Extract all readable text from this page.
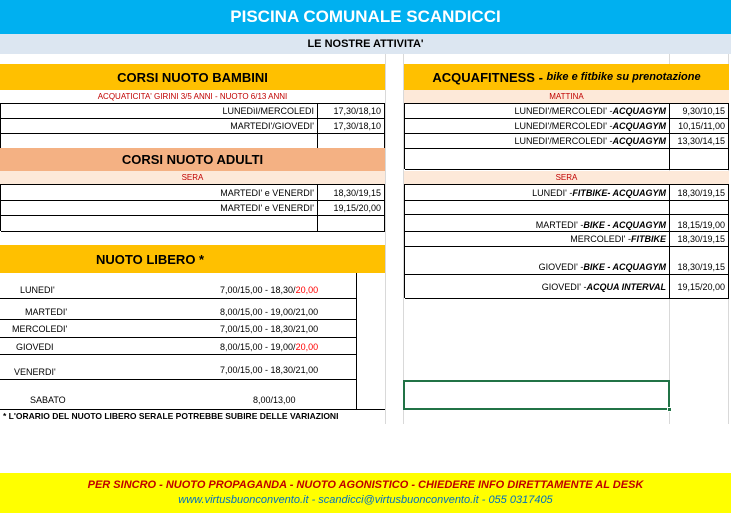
PISCINA COMUNALE SCANDICCI
LE NOSTRE ATTIVITA'
CORSI NUOTO BAMBINI
ACQUATICITA' GIRINI 3/5 ANNI - NUOTO 6/13 ANNI
LUNEDìI/MERCOLEDI	17,30/18,10
MARTEDI'/GIOVEDI'	17,30/18,10
CORSI NUOTO ADULTI
SERA
MARTEDI' e VENERDI'	18,30/19,15
MARTEDI' e VENERDI'	19,15/20,00
NUOTO LIBERO *
LUNEDI'	7,00/15,00 - 18,30/20,00
MARTEDI'	8,00/15,00 - 19,00/21,00
MERCOLEDI'	7,00/15,00 - 18,30/21,00
GIOVEDI	8,00/15,00 - 19,00/20,00
VENERDI'	7,00/15,00 - 18,30/21,00
SABATO	8,00/13,00
* L'ORARIO DEL NUOTO LIBERO SERALE POTREBBE SUBIRE DELLE VARIAZIONI
ACQUAFITNESS - bike e fitbike su prenotazione
MATTINA
LUNEDI'/MERCOLEDI' - ACQUAGYM	9,30/10,15
LUNEDI'/MERCOLEDI' - ACQUAGYM	10,15/11,00
LUNEDI'/MERCOLEDI' - ACQUAGYM	13,30/14,15
SERA
LUNEDI' - FITBIKE- ACQUAGYM	18,30/19,15
MARTEDI' - BIKE - ACQUAGYM	18,15/19,00
MERCOLEDI' - FITBIKE	18,30/19,15
GIOVEDI' - BIKE - ACQUAGYM	18,30/19,15
GIOVEDI' - ACQUA INTERVAL	19,15/20,00
PER SINCRO - NUOTO PROPAGANDA - NUOTO AGONISTICO - CHIEDERE INFO DIRETTAMENTE AL DESK
www.virtusbuonconvento.it - scandicci@virtusbuonconvento.it - 055 0317405
